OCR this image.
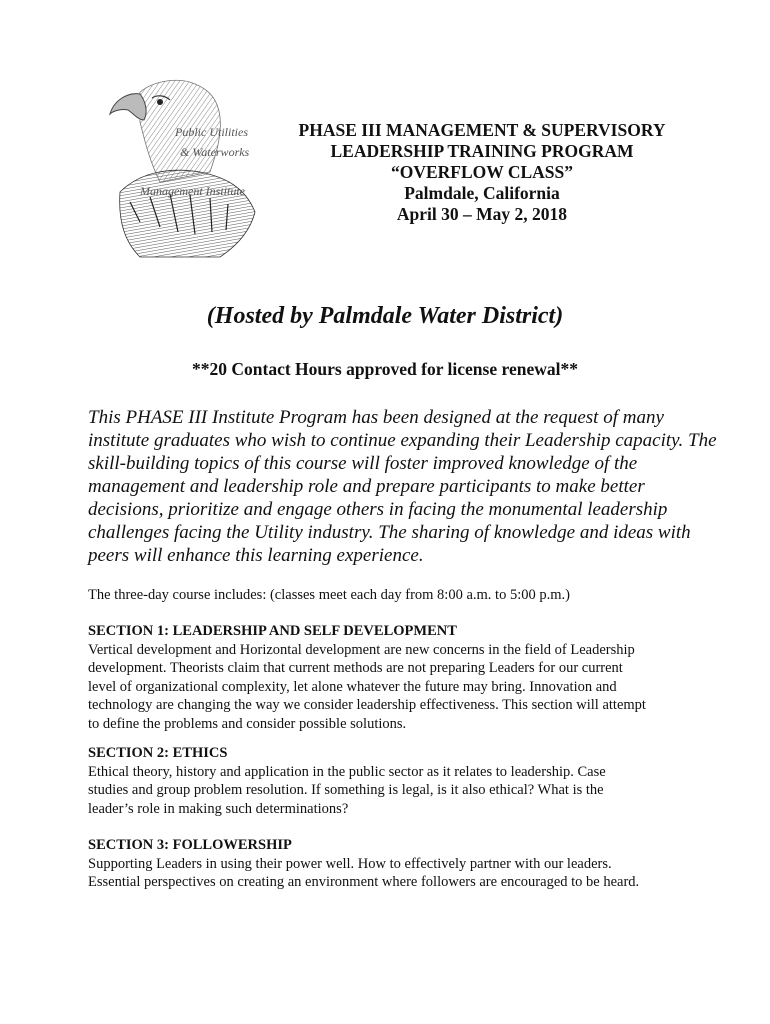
Public Utilities
& Waterworks
Management Institute
PHASE III MANAGEMENT & SUPERVISORY
LEADERSHIP TRAINING PROGRAM
“OVERFLOW CLASS”
Palmdale, California
April 30 – May 2, 2018
(Hosted by Palmdale Water District)
**20 Contact Hours approved for license renewal**
This PHASE III Institute Program has been designed at the request of many
institute graduates who wish to continue expanding their Leadership capacity. The
skill-building topics of this course will foster improved knowledge of the
management and leadership role and prepare participants to make better
decisions, prioritize and engage others in facing the monumental leadership
challenges facing the Utility industry. The sharing of knowledge and ideas with
peers will enhance this learning experience.
The three-day course includes: (classes meet each day from 8:00 a.m. to 5:00 p.m.)
SECTION 1: LEADERSHIP AND SELF DEVELOPMENT
Vertical development and Horizontal development are new concerns in the field of Leadership
development. Theorists claim that current methods are not preparing Leaders for our current
level of organizational complexity, let alone whatever the future may bring. Innovation and
technology are changing the way we consider leadership effectiveness. This section will attempt
to define the problems and consider possible solutions.
SECTION 2: ETHICS
Ethical theory, history and application in the public sector as it relates to leadership. Case
studies and group problem resolution. If something is legal, is it also ethical? What is the
leader’s role in making such determinations?
SECTION 3: FOLLOWERSHIP
Supporting Leaders in using their power well. How to effectively partner with our leaders.
Essential perspectives on creating an environment where followers are encouraged to be heard.
